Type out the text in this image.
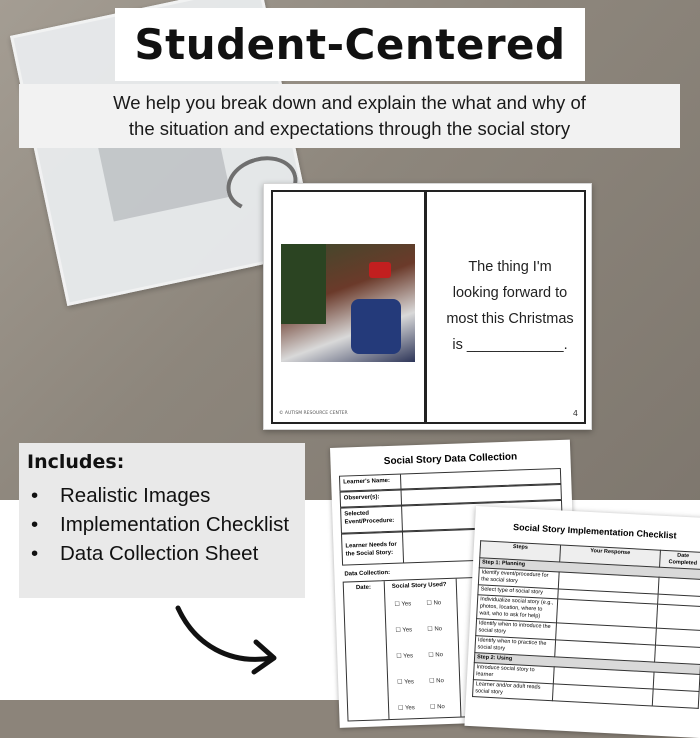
The thing I'm
looking forward to
most this Christmas
is ____________.
© AUTISM RESOURCE CENTER	4
Student-Centered
We help you break down and explain the what and why of
the situation and expectations through the social story
Social Story Data Collection
Learner's Name:
Observer(s):
Selected Event/Procedure:
Learner Needs for the Social Story:
Data Collection:
Date:	Social Story Used?
☐ Yes	☐ No
☐ Yes	☐ No
☐ Yes	☐ No
☐ Yes	☐ No
☐ Yes	☐ No
Social Story Implementation Checklist
Steps	Your Response	Date Completed
Step 1: Planning		
Identify event/procedure for the social story		
Select type of social story		
Individualize social story (e.g., photos, location, where to wait, who to ask for help)		
Identify when to introduce the social story		
Identify when to practice the social story		
Step 2: Using		
Introduce social story to learner		
Learner and/or adult reads social story		
Includes:
• Realistic Images
• Implementation Checklist
• Data Collection Sheet
